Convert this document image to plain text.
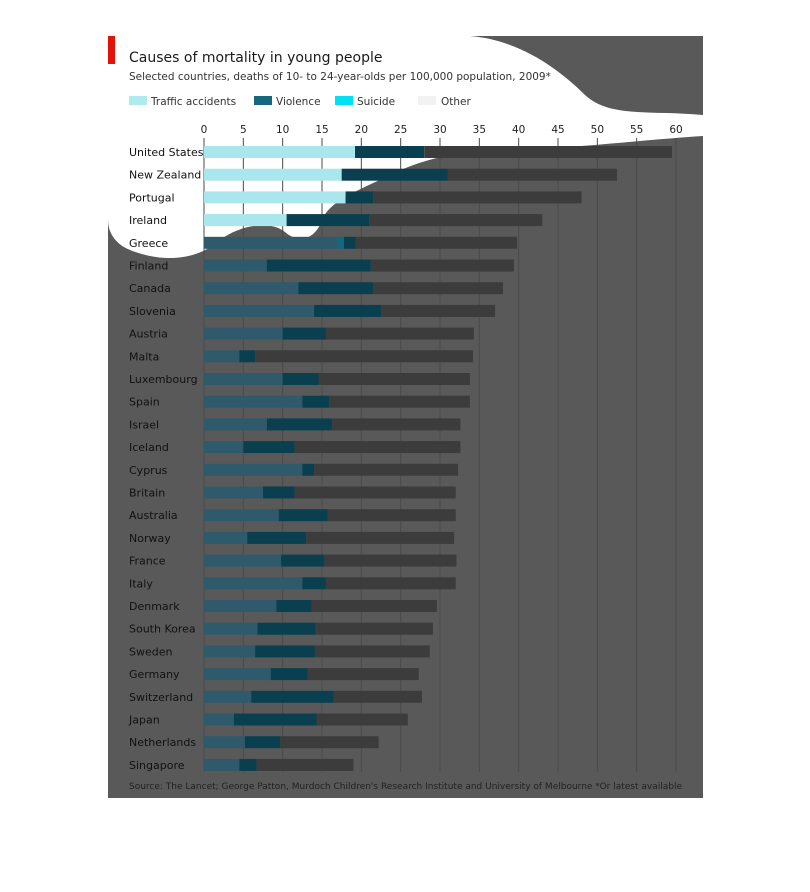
Causes of mortality in young people
Selected countries, deaths of 10- to 24-year-olds per 100,000 population, 2009*
Traffic accidents	Violence	Suicide	Other
0	5	10 15 20 25 30 35 40 45 50 55 60
United States
New Zealand
Portugal
Ireland
Greece
Finland
Canada
Slovenia
Austria
Malta
Luxembourg
Spain
Israel
Iceland
Cyprus
Britain
Australia
Norway
France
Italy
Denmark
South Korea
Sweden
Germany
Switzerland
Japan
Netherlands
Singapore
Source: The Lancet; George Patton, Murdoch Children's Research Institute and University of Melbourne *Or latest available
